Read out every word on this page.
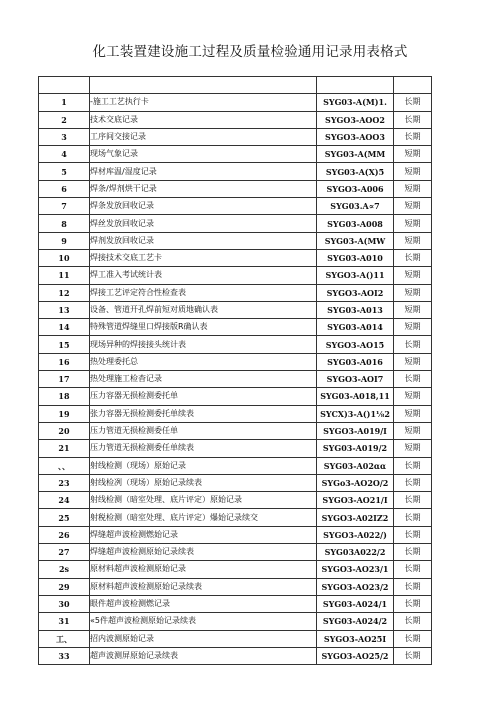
化工装置建设施工过程及质量检验通用记录用表格式

1	-施工工艺执行卡	SYG03-A(M)1.	长期
2	技术交底记录	SYGO3-AOO2	长期
3	工序间交接记录	SYGO3-AOO3	长期
4	现场气象记录	SYG03-A(MM	短期
5	焊材库温/湿度记录	SYG03-A(X)5	短期
6	焊条/焊剂烘干记录	SYGO3-A006	短期
7	焊条发放回收记录	SYG03.A∝7	短期
8	焊丝发放回收记录	SYG03-A008	短期
9	焊剂发放回收记录	SYG03-A(MW	短期
10	焊接技术交底工艺卡	SYG03-A010	长期
11	焊工准入考试统计表	SYGO3-A()11	短期
12	焊接工艺评定符合性检查表	SYGO3-AOI2	短期
13	设备、管道开孔焊前短对质地确认表	SYG03-A013	短期
14	特殊管道焊缝里口焊接版R确认表	SYG03-A014	短期
15	现场异种的焊接接头统计表	SYGO3-AO15	长期
16	热处理委托总	SYG03-A016	短期
17	热处理施工检杳记录	SYGO3-AOI7	长期
18	压力容器无损检测委托单	SYG03-A018,11	短期
19	张力容器无损检测委托单续表	SYCX)3-A()1⅛2	短期
20	压力管道无损检测委任单	SYGO3-A019/I	短期
21	压力管道无损检测委任单续表	SYG03-A019/2	短期
、、	射线检测（现场）原始记录	SYG03-A02αα	长期
23	射线检冽（现场）原始记录续表	SYGo3-AO2O/2	长期
24	射线检测（暗室处理、底片评定）原始记录	SYGO3-AO21/I	长期
25	射税检测（暗室处理、底片评定）爆始记录续交	SYGO3-A02IZ2	长期
26	焊缝超声波检测燃始记录	SYGO3-A022/)	长期
27	焊缝超声波检测原始记录续表	SYG03A022/2	长期
2s	原材料超声波检测原始记录	SYGO3-AO23/1	长期
29	原材料超声波检测原始记录续表	SYGO3-AO23/2	长期
30	眼件超声波检测燃记录	SYG03-A024/1	长期
31	«5件超声波检测原始记录续表	SYG03-A024/2	长期
工、	招内波测原始记录	SYGO3-AO25I	长期
33	超声波测屏原始记录续表	SYGO3-AO25/2	长期
